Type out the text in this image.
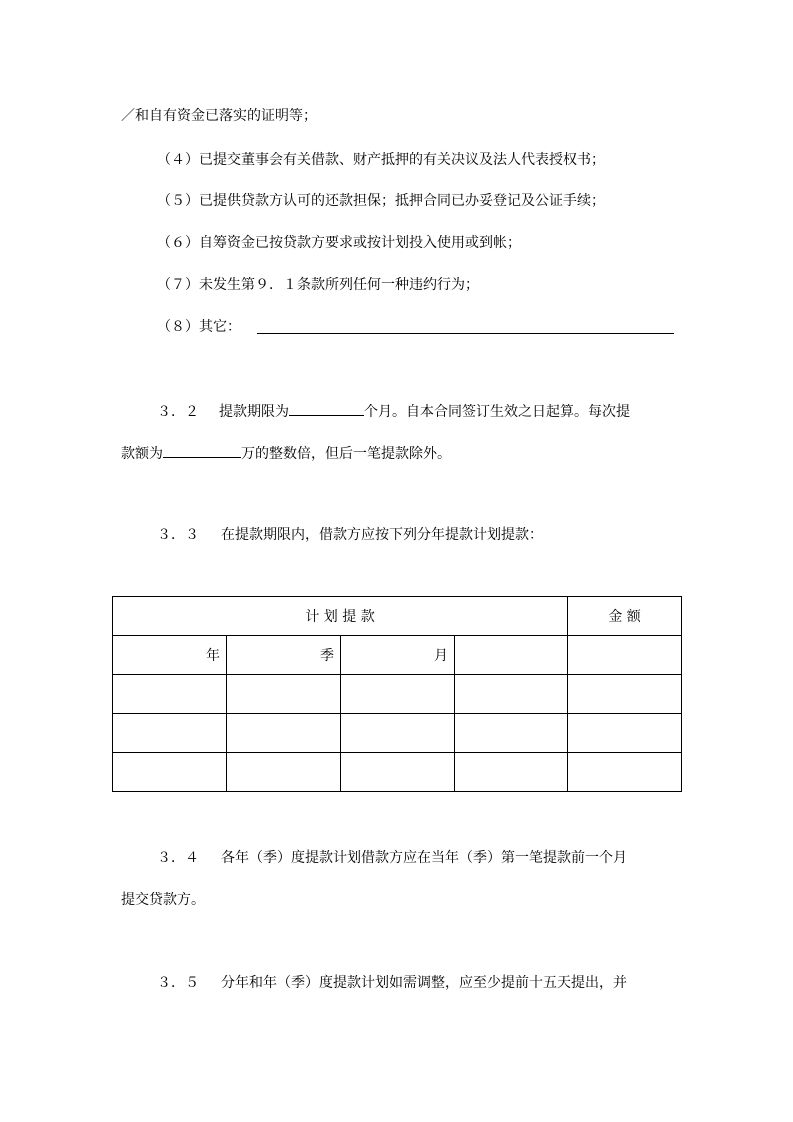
／和自有资金已落实的证明等；
（４）已提交董事会有关借款、财产抵押的有关决议及法人代表授权书；
（５）已提供贷款方认可的还款担保；抵押合同已办妥登记及公证手续；
（６）自筹资金已按贷款方要求或按计划投入使用或到帐；
（７）未发生第９．１条款所列任何一种违约行为；
（８）其它：
３．２ 提款期限为	个月。自本合同签订生效之日起算。每次提
款额为	万的整数倍，但后一笔提款除外。
３．３ 在提款期限内，借款方应按下列分年提款计划提款：
计 划 提 款				金 额
年	季	月		

３．４ 各年（季）度提款计划借款方应在当年（季）第一笔提款前一个月
提交贷款方。
３．５ 分年和年（季）度提款计划如需调整，应至少提前十五天提出，并
